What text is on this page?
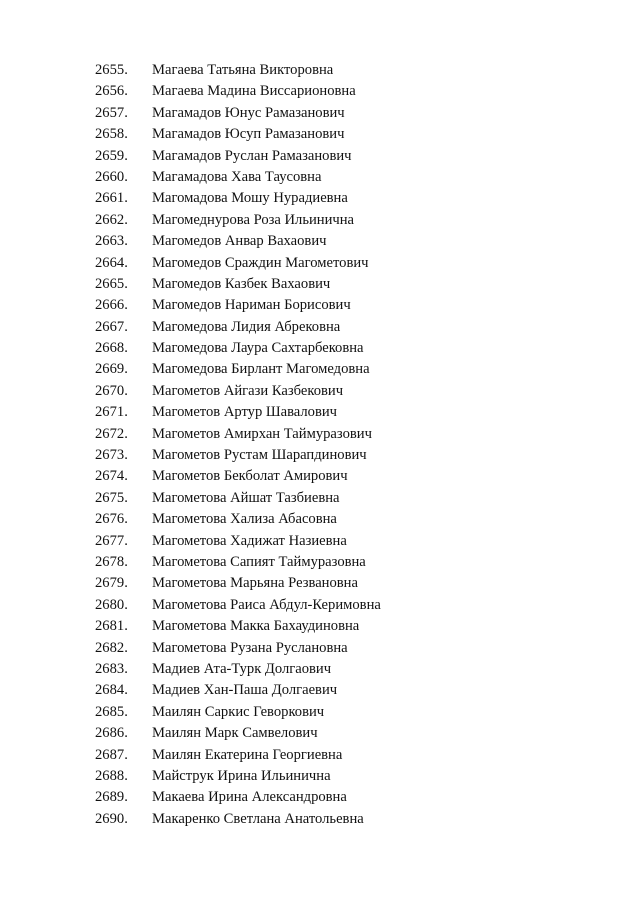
2655. Магаева Татьяна Викторовна
2656. Магаева Мадина Виссарионовна
2657. Магамадов Юнус Рамазанович
2658. Магамадов Юсуп Рамазанович
2659. Магамадов Руслан Рамазанович
2660. Магамадова Хава Таусовна
2661. Магомадова Мошу Нурадиевна
2662. Магомеднурова Роза Ильинична
2663. Магомедов Анвар Вахаович
2664. Магомедов Сраждин Магометович
2665. Магомедов Казбек Вахаович
2666. Магомедов Нариман Борисович
2667. Магомедова Лидия Абрековна
2668. Магомедова Лаура Сахтарбековна
2669. Магомедова Бирлант Магомедовна
2670. Магометов Айгази Казбекович
2671. Магометов Артур Шавалович
2672. Магометов Амирхан Таймуразович
2673. Магометов Рустам Шарапдинович
2674. Магометов Бекболат Амирович
2675. Магометова Айшат Тазбиевна
2676. Магометова Хализа Абасовна
2677. Магометова Хадижат Назиевна
2678. Магометова Сапият Таймуразовна
2679. Магометова Марьяна Резвановна
2680. Магометова Раиса Абдул-Керимовна
2681. Магометова Макка Бахаудиновна
2682. Магометова Рузана Руслановна
2683. Мадиев Ата-Турк Долгаович
2684. Мадиев Хан-Паша Долгаевич
2685. Маилян Саркис Геворкович
2686. Маилян Марк Самвелович
2687. Маилян Екатерина Георгиевна
2688. Майструк Ирина Ильинична
2689. Макаева Ирина Александровна
2690. Макаренко Светлана Анатольевна
